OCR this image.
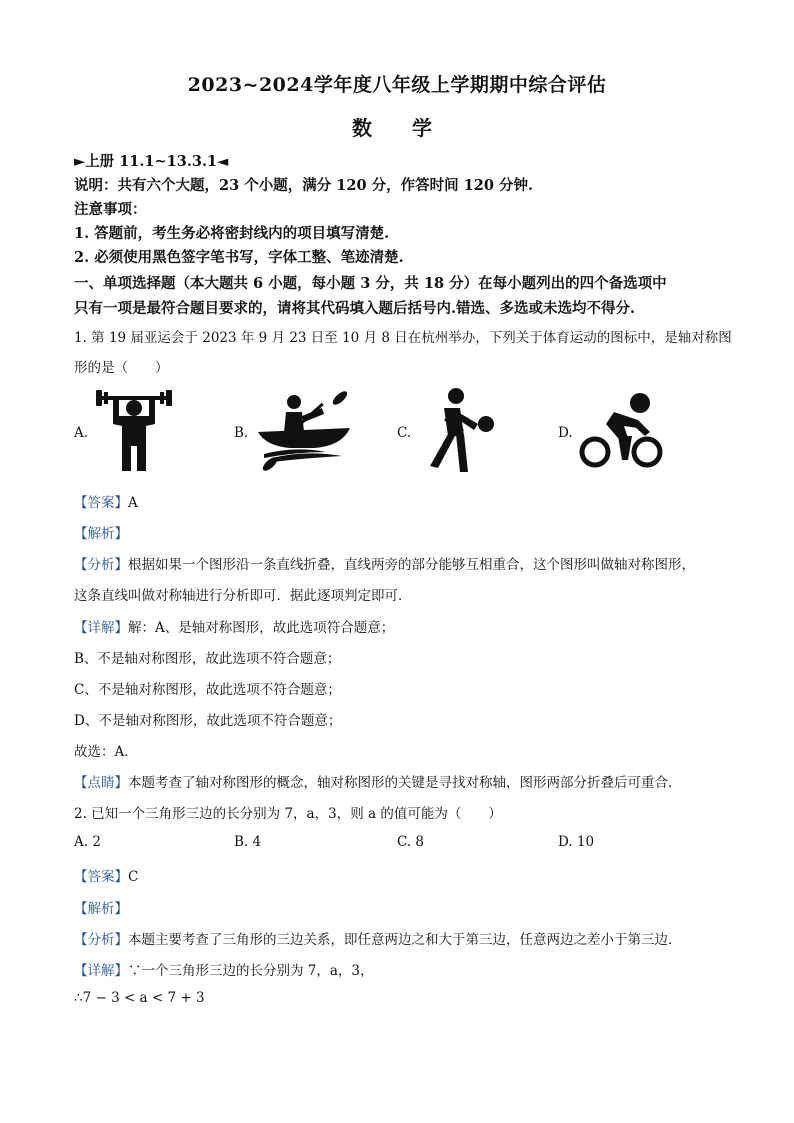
2023~2024学年度八年级上学期期中综合评估
数　学
►上册 11.1~13.3.1◄
说明：共有六个大题，23 个小题，满分 120 分，作答时间 120 分钟.
注意事项：
1. 答题前，考生务必将密封线内的项目填写清楚.
2. 必须使用黑色签字笔书写，字体工整、笔迹清楚.
一、单项选择题（本大题共 6 小题，每小题 3 分，共 18 分）在每小题列出的四个备选项中
只有一项是最符合题目要求的，请将其代码填入题后括号内.错选、多选或未选均不得分.
1. 第 19 届亚运会于 2023 年 9 月 23 日至 10 月 8 日在杭州举办，下列关于体育运动的图标中，是轴对称图
形的是（　　）
A.	B.	C.	D.
【答案】A
【解析】
【分析】根据如果一个图形沿一条直线折叠，直线两旁的部分能够互相重合，这个图形叫做轴对称图形，
这条直线叫做对称轴进行分析即可．据此逐项判定即可．
【详解】解：A、是轴对称图形，故此选项符合题意；
B、不是轴对称图形，故此选项不符合题意；
C、不是轴对称图形，故此选项不符合题意；
D、不是轴对称图形，故此选项不符合题意；
故选：A．
【点睛】本题考查了轴对称图形的概念，轴对称图形的关键是寻找对称轴，图形两部分折叠后可重合．
2. 已知一个三角形三边的长分别为 7，a，3，则 a 的值可能为（　　）
A. 2	B. 4	C. 8	D. 10
【答案】C
【解析】
【分析】本题主要考查了三角形的三边关系，即任意两边之和大于第三边，任意两边之差小于第三边．
【详解】∵一个三角形三边的长分别为 7，a，3，
∴7 − 3 < a < 7 + 3
